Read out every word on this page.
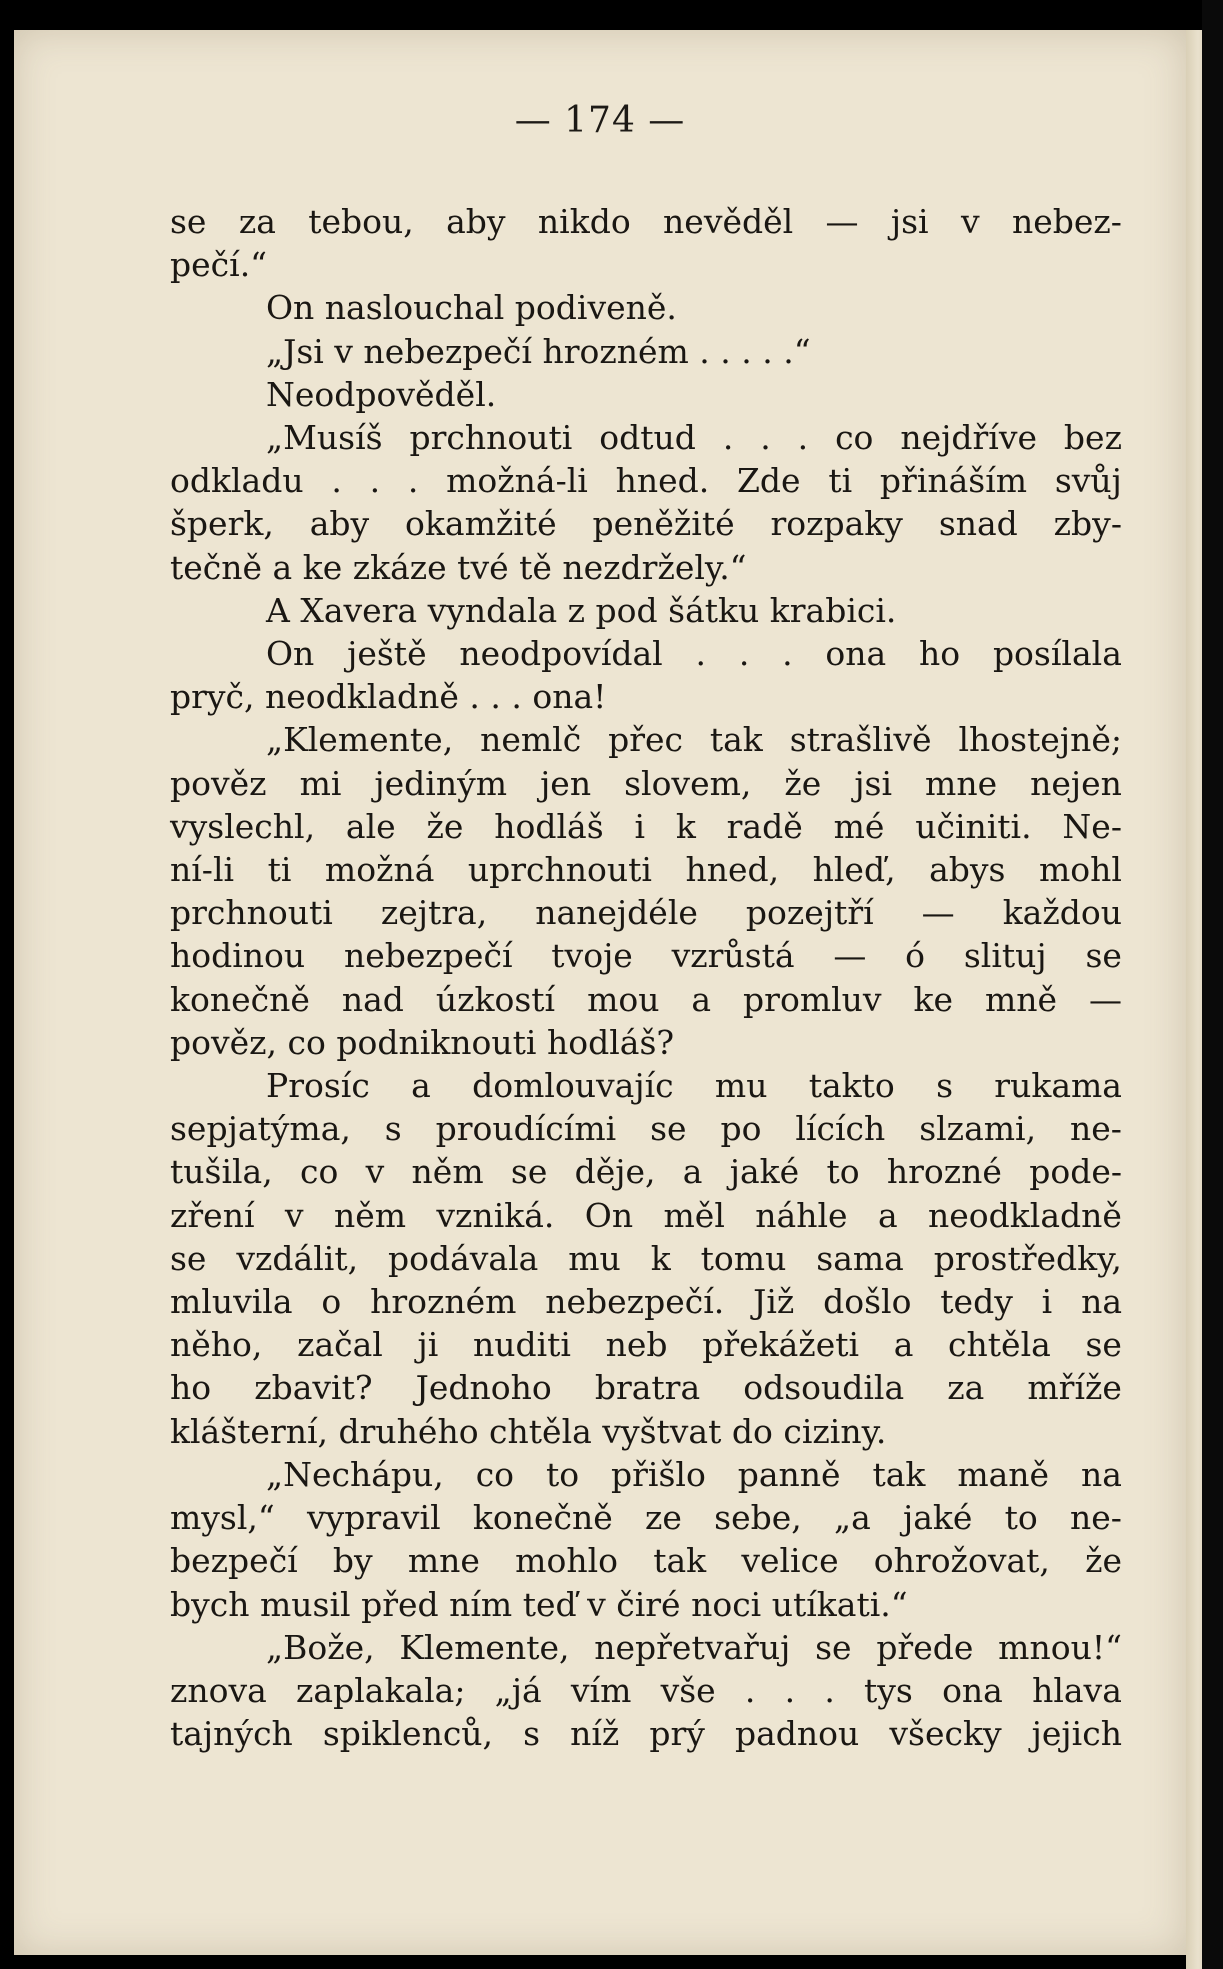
— 174 —
se za tebou, aby nikdo nevěděl — jsi v nebez-
pečí.“
On naslouchal podiveně.
„Jsi v nebezpečí hrozném . . . . .“
Neodpověděl.
„Musíš prchnouti odtud . . . co nejdříve bez
odkladu . . . možná-li hned. Zde ti přináším svůj
šperk, aby okamžité peněžité rozpaky snad zby-
tečně a ke zkáze tvé tě nezdržely.“
A Xavera vyndala z pod šátku krabici.
On ještě neodpovídal . . . ona ho posílala
pryč, neodkladně . . . ona!
„Klemente, nemlč přec tak strašlivě lhostejně;
pověz mi jediným jen slovem, že jsi mne nejen
vyslechl, ale že hodláš i k radě mé učiniti. Ne-
ní-li ti možná uprchnouti hned, hleď, abys mohl
prchnouti zejtra, nanejdéle pozejtří — každou
hodinou nebezpečí tvoje vzrůstá — ó slituj se
konečně nad úzkostí mou a promluv ke mně —
pověz, co podniknouti hodláš?
Prosíc a domlouvajíc mu takto s rukama
sepjatýma, s proudícími se po lících slzami, ne-
tušila, co v něm se děje, a jaké to hrozné pode-
zření v něm vzniká. On měl náhle a neodkladně
se vzdálit, podávala mu k tomu sama prostředky,
mluvila o hrozném nebezpečí. Již došlo tedy i na
něho, začal ji nuditi neb překážeti a chtěla se
ho zbavit? Jednoho bratra odsoudila za mříže
klášterní, druhého chtěla vyštvat do ciziny.
„Nechápu, co to přišlo panně tak maně na
mysl,“ vypravil konečně ze sebe, „a jaké to ne-
bezpečí by mne mohlo tak velice ohrožovat, že
bych musil před ním teď v čiré noci utíkati.“
„Bože, Klemente, nepřetvařuj se přede mnou!“
znova zaplakala; „já vím vše . . . tys ona hlava
tajných spiklenců, s níž prý padnou všecky jejich
